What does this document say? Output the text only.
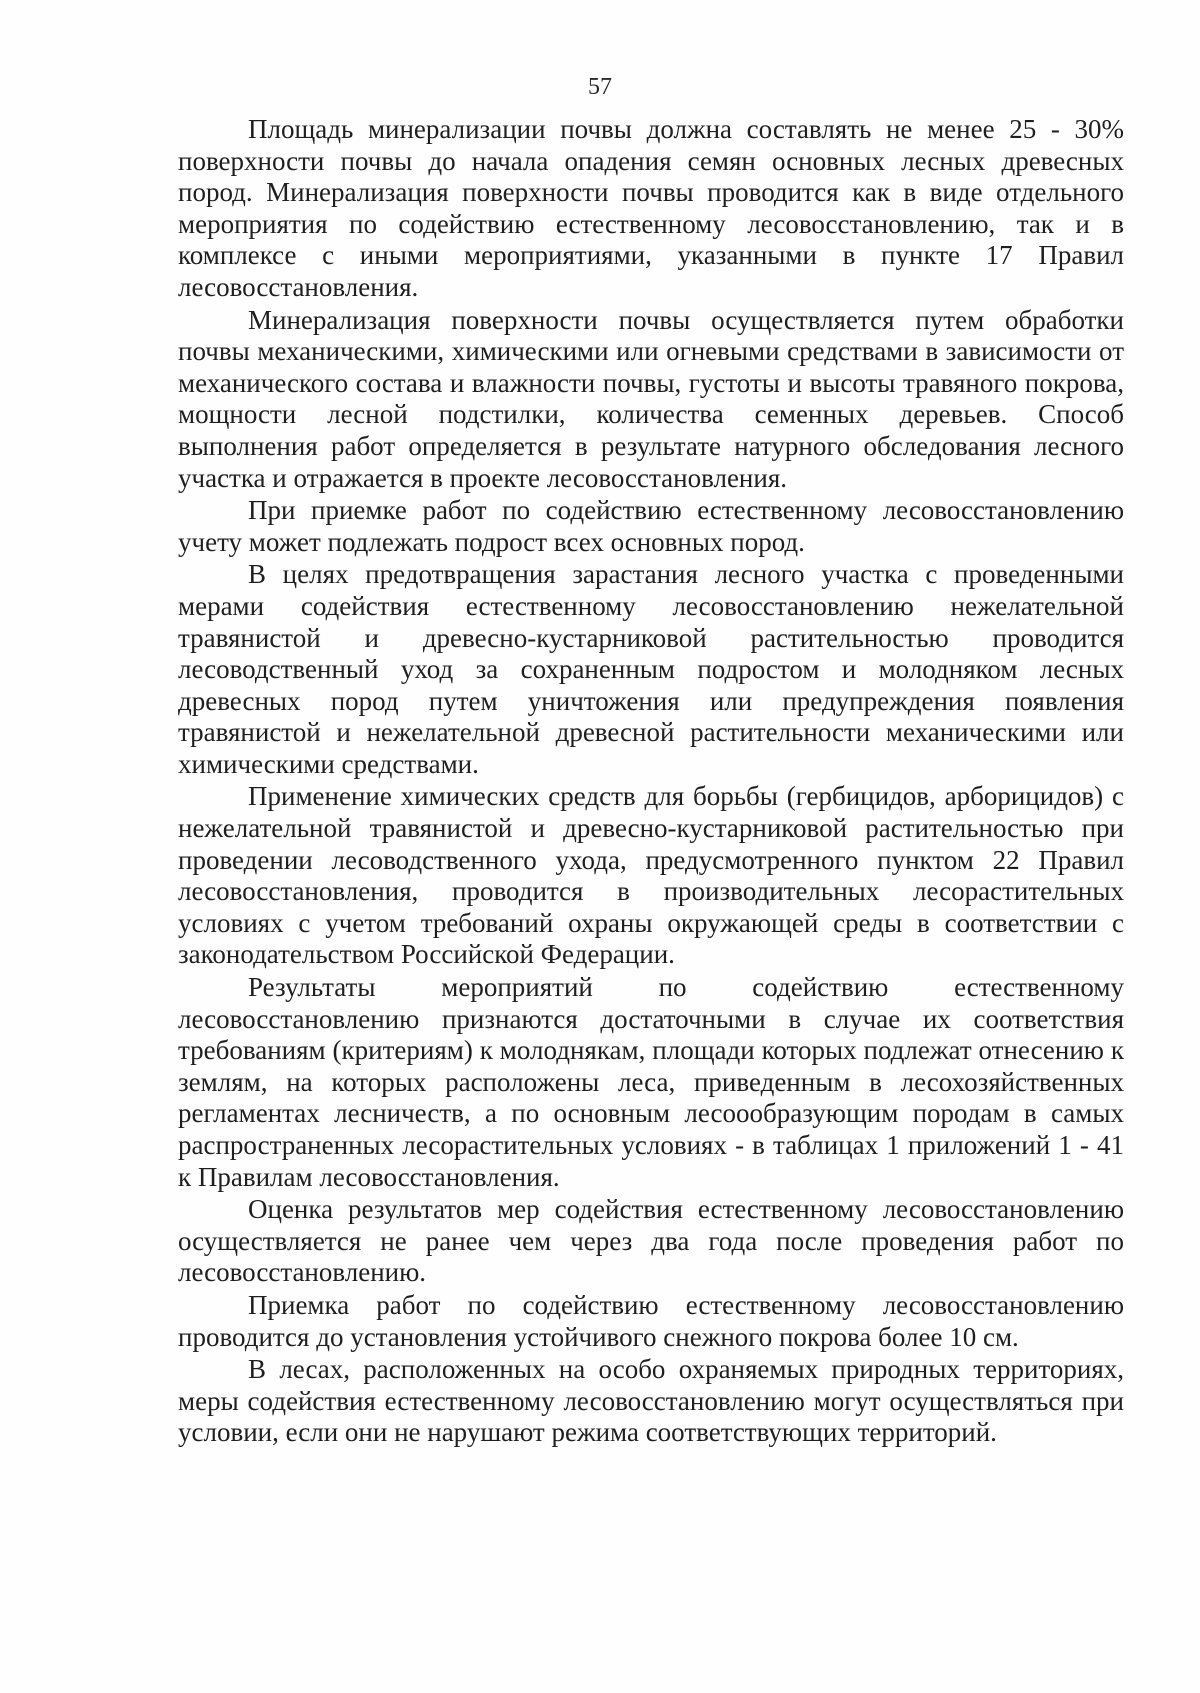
57

Площадь минерализации почвы должна составлять не менее 25 - 30% поверхности почвы до начала опадения семян основных лесных древесных пород. Минерализация поверхности почвы проводится как в виде отдельного мероприятия по содействию естественному лесовосстановлению, так и в комплексе с иными мероприятиями, указанными в пункте 17 Правил лесовосстановления.

Минерализация поверхности почвы осуществляется путем обработки почвы механическими, химическими или огневыми средствами в зависимости от механического состава и влажности почвы, густоты и высоты травяного покрова, мощности лесной подстилки, количества семенных деревьев. Способ выполнения работ определяется в результате натурного обследования лесного участка и отражается в проекте лесовосстановления.

При приемке работ по содействию естественному лесовосстановлению учету может подлежать подрост всех основных пород.

В целях предотвращения зарастания лесного участка с проведенными мерами содействия естественному лесовосстановлению нежелательной травянистой и древесно-кустарниковой растительностью проводится лесоводственный уход за сохраненным подростом и молодняком лесных древесных пород путем уничтожения или предупреждения появления травянистой и нежелательной древесной растительности механическими или химическими средствами.

Применение химических средств для борьбы (гербицидов, арборицидов) с нежелательной травянистой и древесно-кустарниковой растительностью при проведении лесоводственного ухода, предусмотренного пунктом 22 Правил лесовосстановления, проводится в производительных лесорастительных условиях с учетом требований охраны окружающей среды в соответствии с законодательством Российской Федерации.

Результаты мероприятий по содействию естественному лесовосстановлению признаются достаточными в случае их соответствия требованиям (критериям) к молоднякам, площади которых подлежат отнесению к землям, на которых расположены леса, приведенным в лесохозяйственных регламентах лесничеств, а по основным лесоообразующим породам в самых распространенных лесорастительных условиях - в таблицах 1 приложений 1 - 41 к Правилам лесовосстановления.

Оценка результатов мер содействия естественному лесовосстановлению осуществляется не ранее чем через два года после проведения работ по лесовосстановлению.

Приемка работ по содействию естественному лесовосстановлению проводится до установления устойчивого снежного покрова более 10 см.

В лесах, расположенных на особо охраняемых природных территориях, меры содействия естественному лесовосстановлению могут осуществляться при условии, если они не нарушают режима соответствующих территорий.
